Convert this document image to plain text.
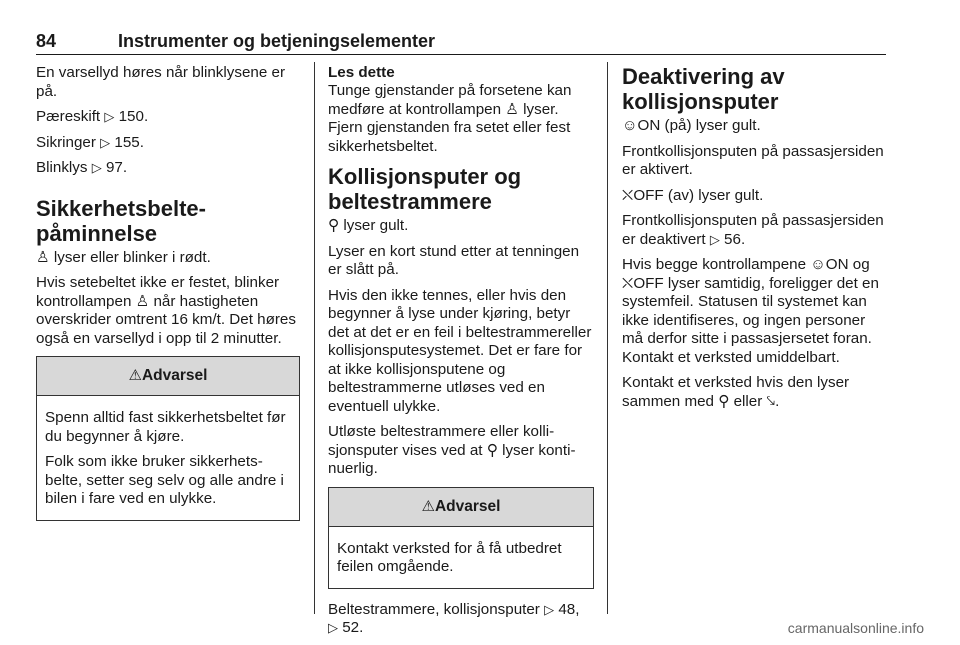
84	Instrumenter og betjeningselementer

En varsellyd høres når blinklysene er på.

Pæreskift ▷ 150.

Sikringer ▷ 155.

Blinklys ▷ 97.

Sikkerhetsbelte-
påminnelse

♙ lyser eller blinker i rødt.

Hvis setebeltet ikke er festet, blinker kontrollampen ♙ når hastigheten overskrider omtrent 16 km/t. Det høres også en varsellyd i opp til 2 minutter.

⚠Advarsel

Spenn alltid fast sikkerhetsbeltet før du begynner å kjøre.

Folk som ikke bruker sikkerhetsbelte, setter seg selv og alle andre i bilen i fare ved en ulykke.

Les dette

Tunge gjenstander på forsetene kan medføre at kontrollampen ♙ lyser. Fjern gjenstanden fra setet eller fest sikkerhetsbeltet.

Kollisjonsputer og
beltestrammere

⚲ lyser gult.

Lyser en kort stund etter at tenningen er slått på.

Hvis den ikke tennes, eller hvis den begynner å lyse under kjøring, betyr det at det er en feil i beltestrammereller kollisjonsputesystemet. Det er fare for at ikke kollisjonsputene og beltestrammerne utløses ved en eventuell ulykke.

Utløste beltestrammere eller kollisjonsputer vises ved at ⚲ lyser kontinuerlig.

⚠Advarsel

Kontakt verksted for å få utbedret feilen omgående.

Beltestrammere, kollisjonsputer ▷ 48,
▷ 52.

Deaktivering av
kollisjonsputer

☺ON (på) lyser gult.

Frontkollisjonsputen på passasjersiden er aktivert.

⛌OFF (av) lyser gult.

Frontkollisjonsputen på passasjersiden er deaktivert ▷ 56.

Hvis begge kontrollampene ☺ON og ⛌OFF lyser samtidig, foreligger det en systemfeil. Statusen til systemet kan ikke identifiseres, og ingen personer må derfor sitte i passasjersetet foran. Kontakt et verksted umiddelbart.

Kontakt et verksted hvis den lyser sammen med ⚲ eller ⤥.

carmanualsonline.info
